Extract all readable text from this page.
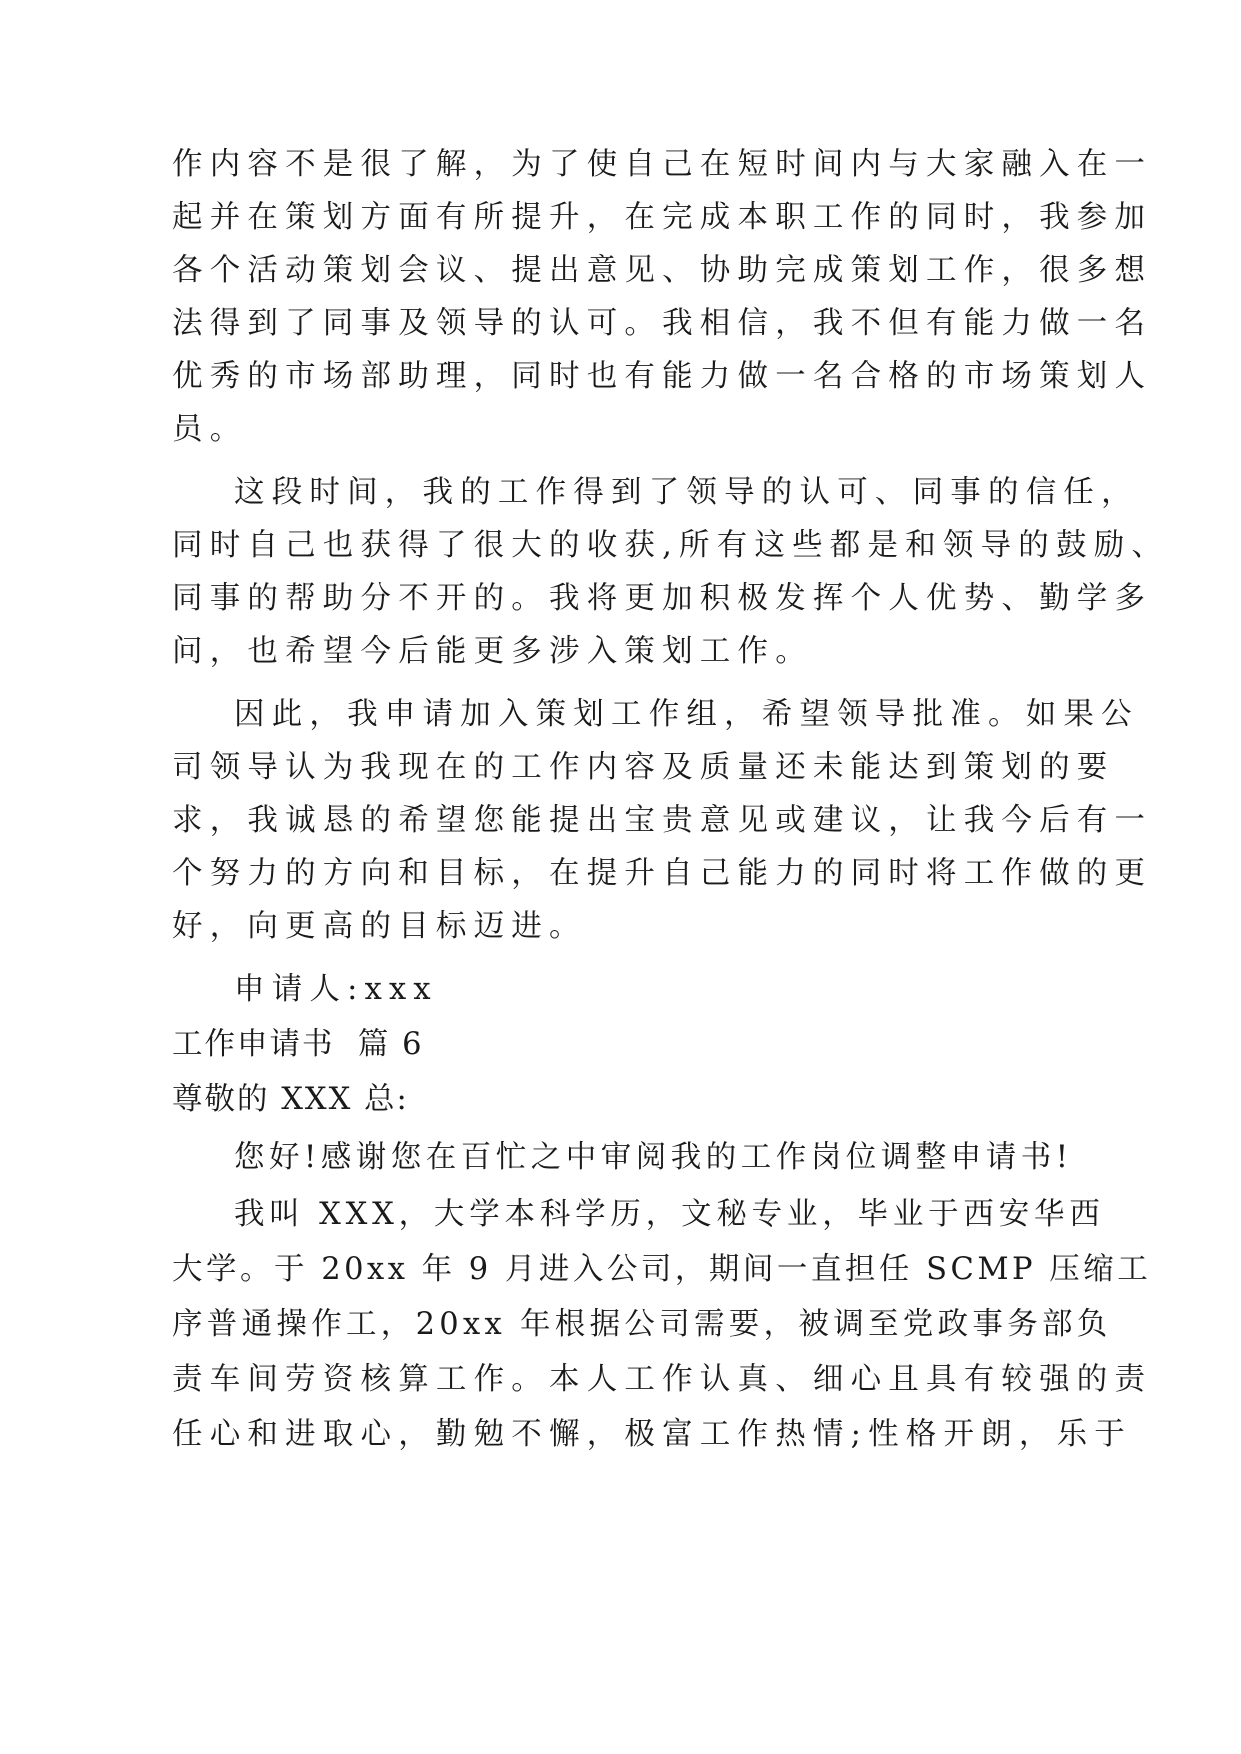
作内容不是很了解，为了使自己在短时间内与大家融入在一
起并在策划方面有所提升，在完成本职工作的同时，我参加
各个活动策划会议、提出意见、协助完成策划工作，很多想
法得到了同事及领导的认可。我相信，我不但有能力做一名
优秀的市场部助理，同时也有能力做一名合格的市场策划人
员。
这段时间，我的工作得到了领导的认可、同事的信任，
同时自己也获得了很大的收获,所有这些都是和领导的鼓励、
同事的帮助分不开的。我将更加积极发挥个人优势、勤学多
问，也希望今后能更多涉入策划工作。
因此，我申请加入策划工作组，希望领导批准。如果公
司领导认为我现在的工作内容及质量还未能达到策划的要
求，我诚恳的希望您能提出宝贵意见或建议，让我今后有一
个努力的方向和目标，在提升自己能力的同时将工作做的更
好，向更高的目标迈进。
申请人:xxx
工作申请书  篇 6
尊敬的 XXX 总:
您好!感谢您在百忙之中审阅我的工作岗位调整申请书!
我叫 XXX，大学本科学历，文秘专业，毕业于西安华西
大学。于 20xx 年 9 月进入公司，期间一直担任 SCMP 压缩工
序普通操作工，20xx 年根据公司需要，被调至党政事务部负
责车间劳资核算工作。本人工作认真、细心且具有较强的责
任心和进取心，勤勉不懈，极富工作热情;性格开朗，乐于
